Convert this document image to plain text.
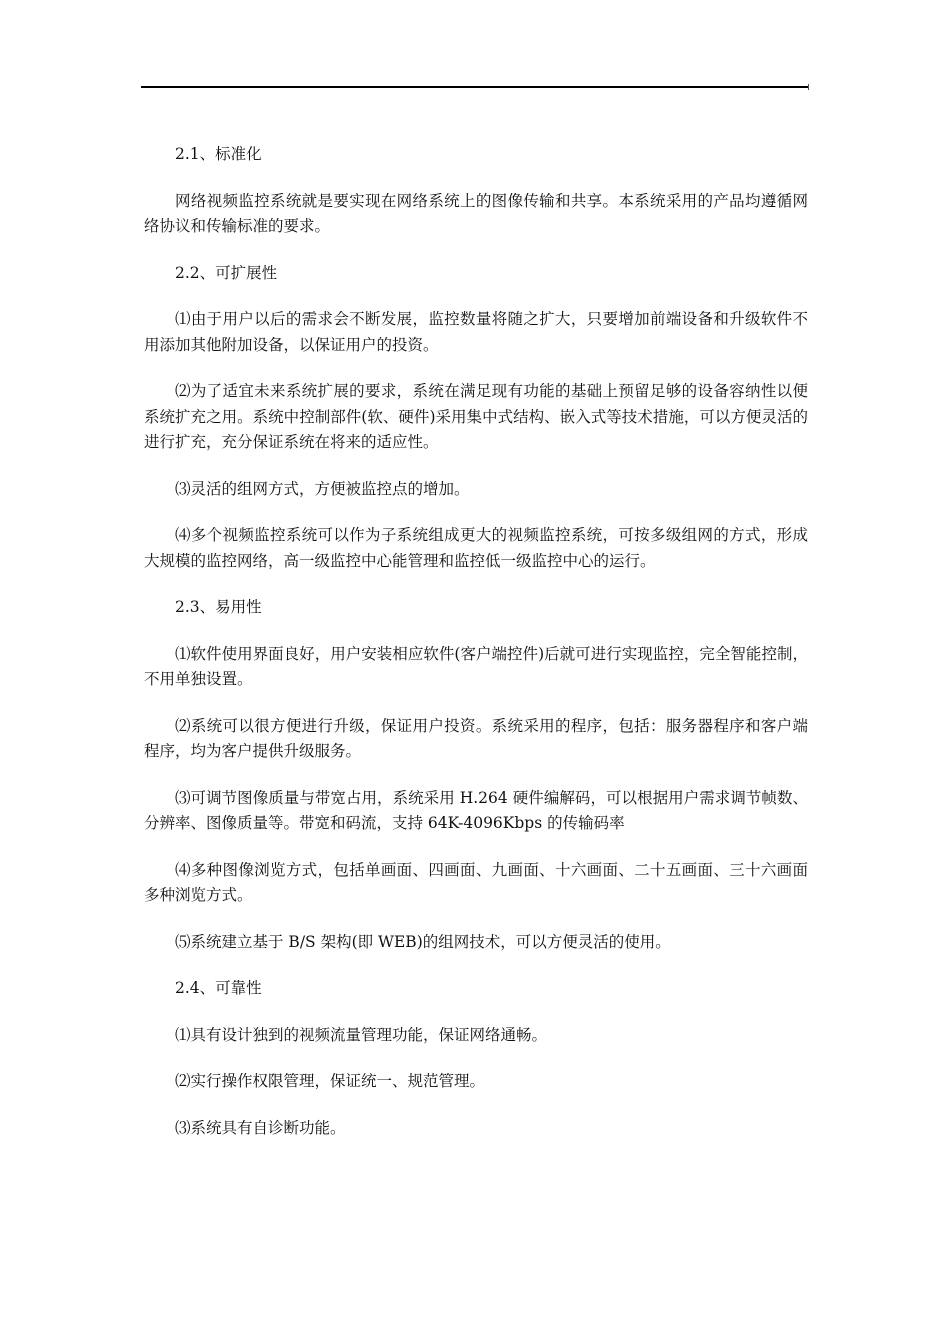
2.1、标准化

网络视频监控系统就是要实现在网络系统上的图像传输和共享。本系统采用的产品均遵循网络协议和传输标准的要求。

2.2、可扩展性

⑴由于用户以后的需求会不断发展，监控数量将随之扩大，只要增加前端设备和升级软件不用添加其他附加设备，以保证用户的投资。

⑵为了适宜未来系统扩展的要求，系统在满足现有功能的基础上预留足够的设备容纳性以便系统扩充之用。系统中控制部件(软、硬件)采用集中式结构、嵌入式等技术措施，可以方便灵活的进行扩充，充分保证系统在将来的适应性。

⑶灵活的组网方式，方便被监控点的增加。

⑷多个视频监控系统可以作为子系统组成更大的视频监控系统，可按多级组网的方式，形成大规模的监控网络，高一级监控中心能管理和监控低一级监控中心的运行。

2.3、易用性

⑴软件使用界面良好，用户安装相应软件(客户端控件)后就可进行实现监控，完全智能控制，不用单独设置。

⑵系统可以很方便进行升级，保证用户投资。系统采用的程序，包括：服务器程序和客户端程序，均为客户提供升级服务。

⑶可调节图像质量与带宽占用，系统采用 H.264 硬件编解码，可以根据用户需求调节帧数、分辨率、图像质量等。带宽和码流，支持 64K-4096Kbps 的传输码率

⑷多种图像浏览方式，包括单画面、四画面、九画面、十六画面、二十五画面、三十六画面多种浏览方式。

⑸系统建立基于 B/S 架构(即 WEB)的组网技术，可以方便灵活的使用。

2.4、可靠性

⑴具有设计独到的视频流量管理功能，保证网络通畅。

⑵实行操作权限管理，保证统一、规范管理。

⑶系统具有自诊断功能。
